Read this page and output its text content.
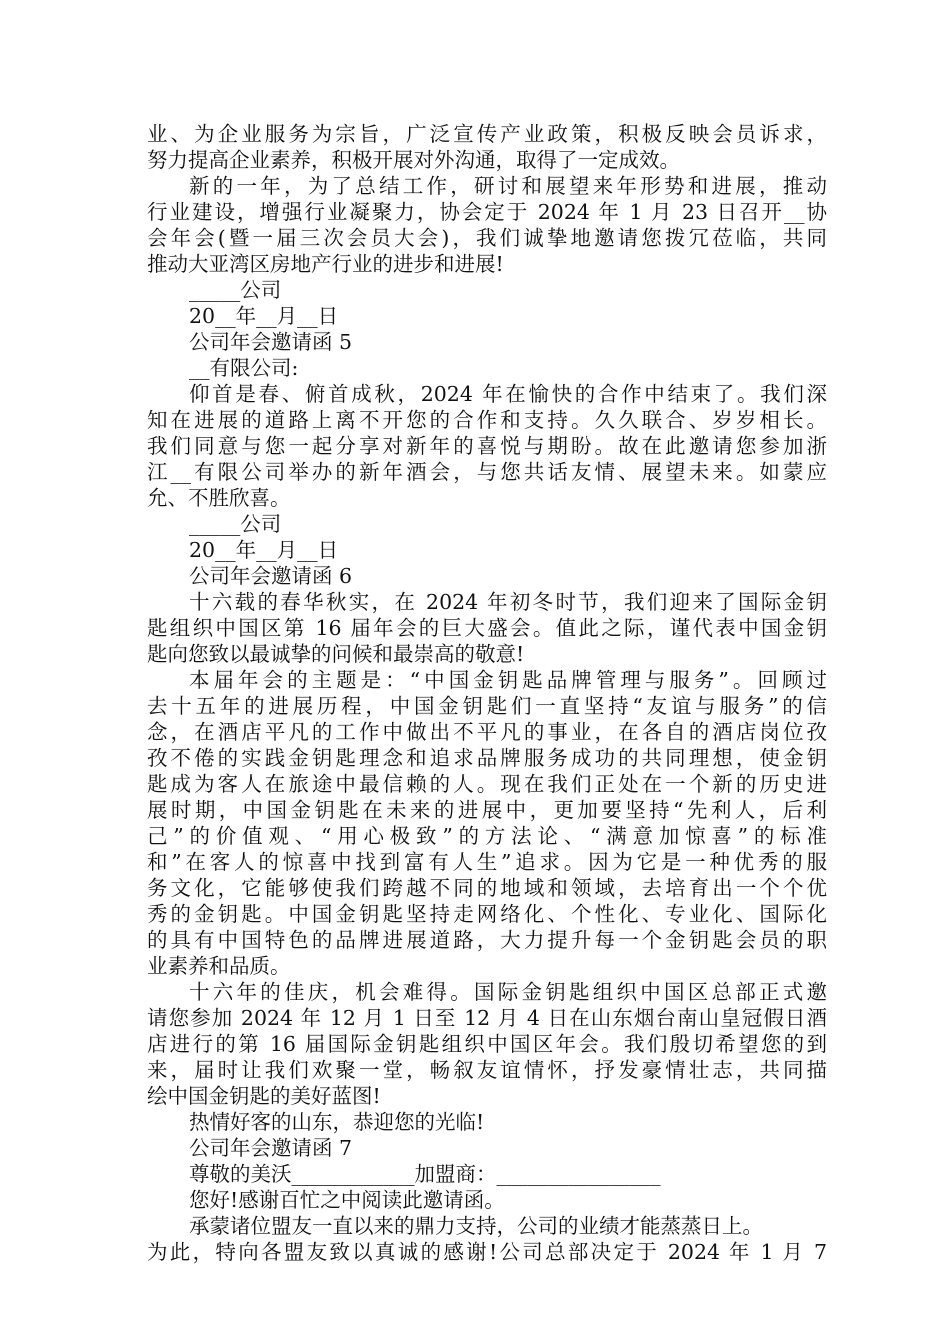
业、为企业服务为宗旨，广泛宣传产业政策，积极反映会员诉求，
努力提高企业素养，积极开展对外沟通，取得了一定成效。
新的一年，为了总结工作，研讨和展望来年形势和进展，推动
行业建设，增强行业凝聚力，协会定于 2024 年 1 月 23 日召开__协
会年会(暨一届三次会员大会)，我们诚挚地邀请您拨冗莅临，共同
推动大亚湾区房地产行业的进步和进展!
_____公司
20__年__月__日
公司年会邀请函 5
__有限公司:
仰首是春、俯首成秋，2024 年在愉快的合作中结束了。我们深
知在进展的道路上离不开您的合作和支持。久久联合、岁岁相长。
我们同意与您一起分享对新年的喜悦与期盼。故在此邀请您参加浙
江__有限公司举办的新年酒会，与您共话友情、展望未来。如蒙应
允、不胜欣喜。
_____公司
20__年__月__日
公司年会邀请函 6
十六载的春华秋实，在 2024 年初冬时节，我们迎来了国际金钥
匙组织中国区第 16 届年会的巨大盛会。值此之际，谨代表中国金钥
匙向您致以最诚挚的问候和最崇高的敬意!
本届年会的主题是：“中国金钥匙品牌管理与服务”。回顾过
去十五年的进展历程，中国金钥匙们一直坚持“友谊与服务”的信
念，在酒店平凡的工作中做出不平凡的事业，在各自的酒店岗位孜
孜不倦的实践金钥匙理念和追求品牌服务成功的共同理想，使金钥
匙成为客人在旅途中最信赖的人。现在我们正处在一个新的历史进
展时期，中国金钥匙在未来的进展中，更加要坚持“先利人，后利
己”的价值观、“用心极致”的方法论、“满意加惊喜”的标准
和”在客人的惊喜中找到富有人生”追求。因为它是一种优秀的服
务文化，它能够使我们跨越不同的地域和领域，去培育出一个个优
秀的金钥匙。中国金钥匙坚持走网络化、个性化、专业化、国际化
的具有中国特色的品牌进展道路，大力提升每一个金钥匙会员的职
业素养和品质。
十六年的佳庆，机会难得。国际金钥匙组织中国区总部正式邀
请您参加 2024 年 12 月 1 日至 12 月 4 日在山东烟台南山皇冠假日酒
店进行的第 16 届国际金钥匙组织中国区年会。我们殷切希望您的到
来，届时让我们欢聚一堂，畅叙友谊情怀，抒发豪情壮志，共同描
绘中国金钥匙的美好蓝图!
热情好客的山东，恭迎您的光临!
公司年会邀请函 7
尊敬的美沃____________加盟商：________________
您好!感谢百忙之中阅读此邀请函。
承蒙诸位盟友一直以来的鼎力支持，公司的业绩才能蒸蒸日上。
为此，特向各盟友致以真诚的感谢!公司总部决定于 2024 年 1 月 7
